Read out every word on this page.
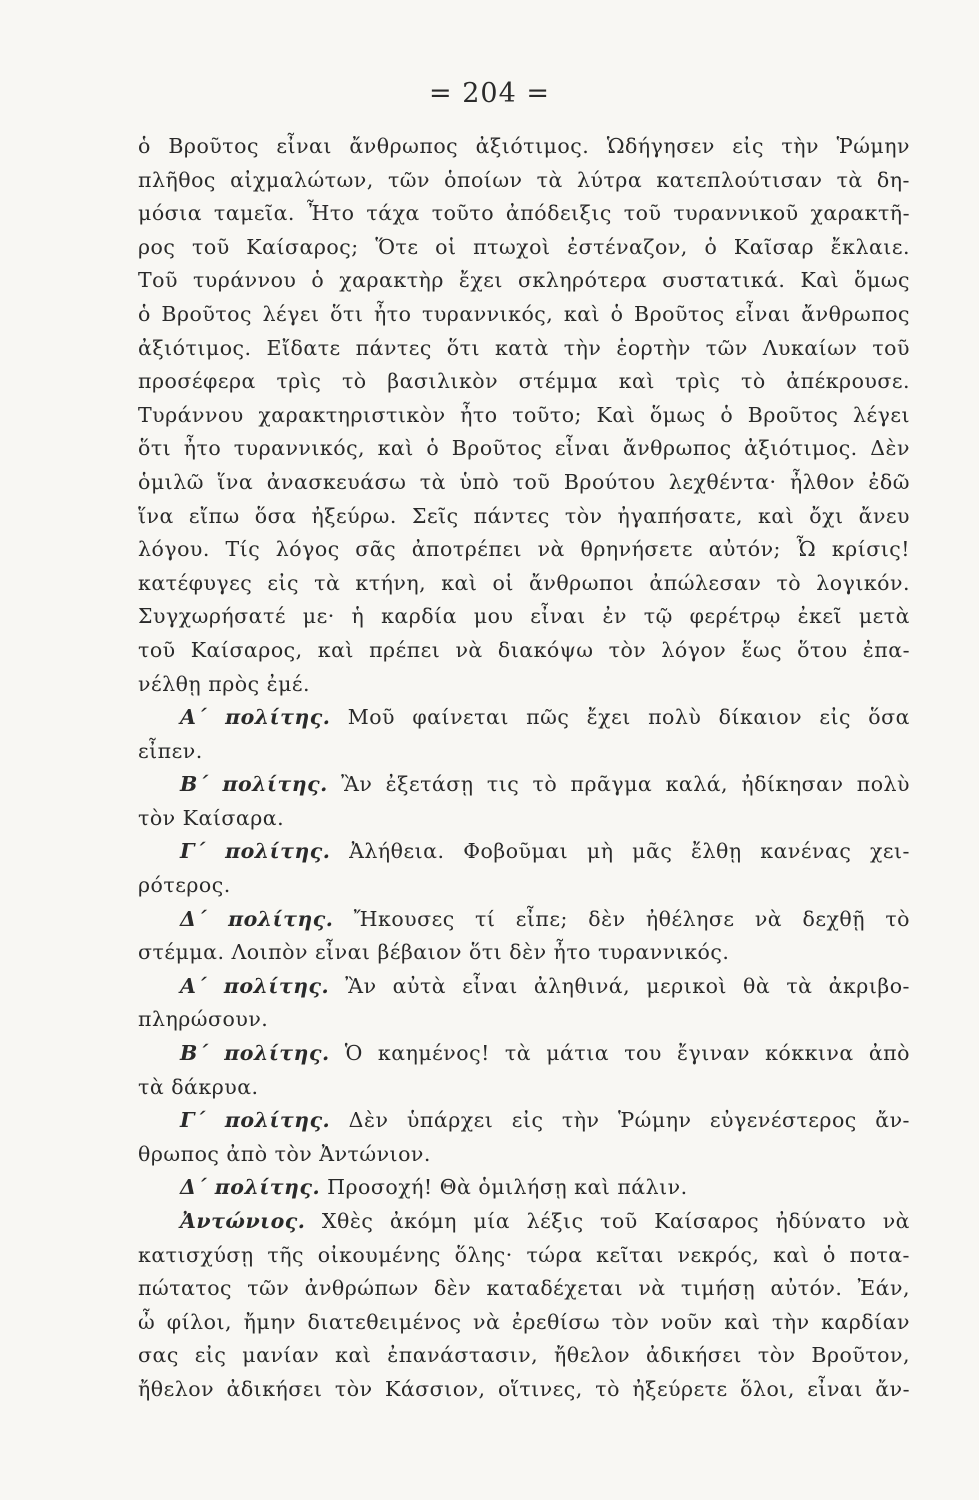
= 204 =
ὁ Βροῦτος εἶναι ἄνθρωπος ἀξιότιμος. Ὡδήγησεν εἰς τὴν Ῥώμην
πλῆθος αἰχμαλώτων, τῶν ὁποίων τὰ λύτρα κατεπλούτισαν τὰ δη-
μόσια ταμεῖα. Ἦτο τάχα τοῦτο ἀπόδειξις τοῦ τυραννικοῦ χαρακτῆ-
ρος τοῦ Καίσαρος; Ὅτε οἱ πτωχοὶ ἐστέναζον, ὁ Καῖσαρ ἔκλαιε.
Τοῦ τυράννου ὁ χαρακτὴρ ἔχει σκληρότερα συστατικά. Καὶ ὅμως
ὁ Βροῦτος λέγει ὅτι ἦτο τυραννικός, καὶ ὁ Βροῦτος εἶναι ἄνθρωπος
ἀξιότιμος. Εἴδατε πάντες ὅτι κατὰ τὴν ἑορτὴν τῶν Λυκαίων τοῦ
προσέφερα τρὶς τὸ βασιλικὸν στέμμα καὶ τρὶς τὸ ἀπέκρουσε.
Τυράννου χαρακτηριστικὸν ἦτο τοῦτο; Καὶ ὅμως ὁ Βροῦτος λέγει
ὅτι ἦτο τυραννικός, καὶ ὁ Βροῦτος εἶναι ἄνθρωπος ἀξιότιμος. Δὲν
ὁμιλῶ ἵνα ἀνασκευάσω τὰ ὑπὸ τοῦ Βρούτου λεχθέντα· ἦλθον ἐδῶ
ἵνα εἴπω ὅσα ἠξεύρω. Σεῖς πάντες τὸν ἠγαπήσατε, καὶ ὄχι ἄνευ
λόγου. Τίς λόγος σᾶς ἀποτρέπει νὰ θρηνήσετε αὐτόν; Ὦ κρίσις!
κατέφυγες εἰς τὰ κτήνη, καὶ οἱ ἄνθρωποι ἀπώλεσαν τὸ λογικόν.
Συγχωρήσατέ με· ἡ καρδία μου εἶναι ἐν τῷ φερέτρῳ ἐκεῖ μετὰ
τοῦ Καίσαρος, καὶ πρέπει νὰ διακόψω τὸν λόγον ἕως ὅτου ἐπα-
νέλθῃ πρὸς ἐμέ.
Α΄ πολίτης. Μοῦ φαίνεται πῶς ἔχει πολὺ δίκαιον εἰς ὅσα
εἶπεν.
Β΄ πολίτης. Ἂν ἐξετάσῃ τις τὸ πρᾶγμα καλά, ἠδίκησαν πολὺ
τὸν Καίσαρα.
Γ΄ πολίτης. Ἀλήθεια. Φοβοῦμαι μὴ μᾶς ἔλθῃ κανένας χει-
ρότερος.
Δ΄ πολίτης. Ἤκουσες τί εἶπε; δὲν ἠθέλησε νὰ δεχθῇ τὸ
στέμμα. Λοιπὸν εἶναι βέβαιον ὅτι δὲν ἦτο τυραννικός.
Α΄ πολίτης. Ἂν αὐτὰ εἶναι ἀληθινά, μερικοὶ θὰ τὰ ἀκριβο-
πληρώσουν.
Β΄ πολίτης. Ὁ καημένος! τὰ μάτια του ἔγιναν κόκκινα ἀπὸ
τὰ δάκρυα.
Γ΄ πολίτης. Δὲν ὑπάρχει εἰς τὴν Ῥώμην εὐγενέστερος ἄν-
θρωπος ἀπὸ τὸν Ἀντώνιον.
Δ΄ πολίτης. Προσοχή! Θὰ ὁμιλήσῃ καὶ πάλιν.
Ἀντώνιος. Χθὲς ἀκόμη μία λέξις τοῦ Καίσαρος ἠδύνατο νὰ
κατισχύσῃ τῆς οἰκουμένης ὅλης· τώρα κεῖται νεκρός, καὶ ὁ ποτα-
πώτατος τῶν ἀνθρώπων δὲν καταδέχεται νὰ τιμήσῃ αὐτόν. Ἐάν,
ὦ φίλοι, ἤμην διατεθειμένος νὰ ἐρεθίσω τὸν νοῦν καὶ τὴν καρδίαν
σας εἰς μανίαν καὶ ἐπανάστασιν, ἤθελον ἀδικήσει τὸν Βροῦτον,
ἤθελον ἀδικήσει τὸν Κάσσιον, οἵτινες, τὸ ἠξεύρετε ὅλοι, εἶναι ἄν-
